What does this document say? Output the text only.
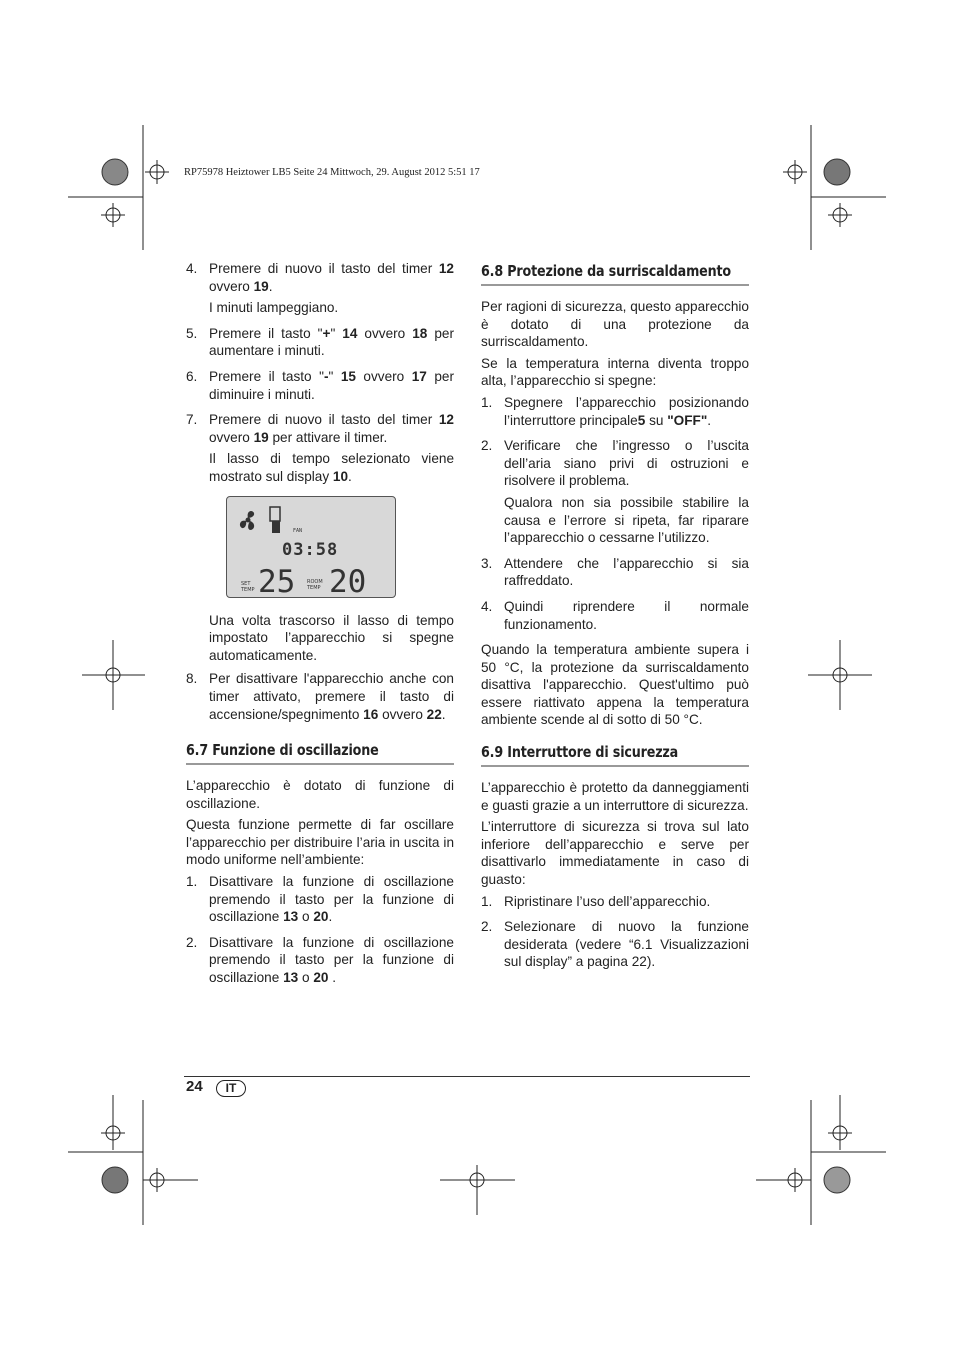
RP75978 Heiztower LB5 Seite 24 Mittwoch, 29. August 2012 5:51 17
4. Premere di nuovo il tasto del timer 12 ovvero 19.

I minuti lampeggiano.

5. Premere il tasto "+" 14 ovvero 18 per aumentare i minuti.

6. Premere il tasto "-" 15 ovvero 17 per diminuire i minuti.

7. Premere di nuovo il tasto del timer 12 ovvero 19 per attivare il timer.

Il lasso di tempo selezionato viene mostrato sul display 10.

FAN
03:58
SET
TEMP 25 ROOM
TEMP 20

Una volta trascorso il lasso di tempo impostato l’apparecchio si spegne automaticamente.

8. Per disattivare l'apparecchio anche con timer attivato, premere il tasto di accensione/spegnimento 16 ovvero 22.

6.7 Funzione di oscillazione

L’apparecchio è dotato di funzione di oscillazione.

Questa funzione permette di far oscillare l’apparecchio per distribuire l’aria in uscita in modo uniforme nell’ambiente:

1. Disattivare la funzione di oscillazione premendo il tasto per la funzione di oscillazione 13 o 20.

2. Disattivare la funzione di oscillazione premendo il tasto per la funzione di oscillazione 13 o 20 .

6.8 Protezione da surriscaldamento

Per ragioni di sicurezza, questo apparecchio è dotato di una protezione da surriscaldamento.

Se la temperatura interna diventa troppo alta, l’apparecchio si spegne:

1. Spegnere l’apparecchio posizionando l’interruttore principale5 su "OFF".

2. Verificare che l’ingresso o l’uscita dell’aria siano privi di ostruzioni e risolvere il problema.

Qualora non sia possibile stabilire la causa e l’errore si ripeta, far riparare l’apparecchio o cessarne l’utilizzo.

3. Attendere che l’apparecchio si sia raffreddato.

4. Quindi riprendere il normale funzionamento.

Quando la temperatura ambiente supera i 50 °C, la protezione da surriscaldamento disattiva l'apparecchio. Quest'ultimo può essere riattivato appena la temperatura ambiente scende al di sotto di 50 °C.

6.9 Interruttore di sicurezza

L’apparecchio è protetto da danneggiamenti e guasti grazie a un interruttore di sicurezza.

L’interruttore di sicurezza si trova sul lato inferiore dell’apparecchio e serve per disattivarlo immediatamente in caso di guasto:

1. Ripristinare l’uso dell’apparecchio.

2. Selezionare di nuovo la funzione desiderata (vedere “6.1 Visualizzazioni sul display” a pagina 22).

24	IT
